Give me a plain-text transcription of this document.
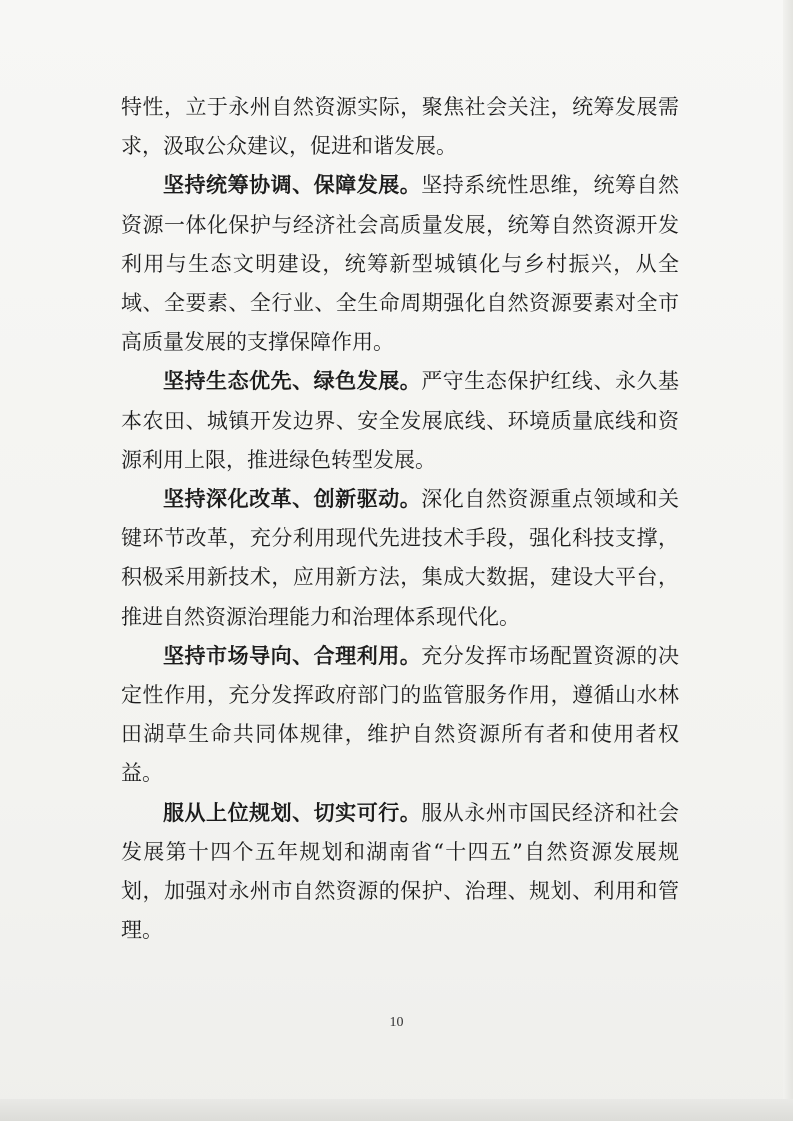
特性，立于永州自然资源实际，聚焦社会关注，统筹发展需求，汲取公众建议，促进和谐发展。

坚持统筹协调、保障发展。坚持系统性思维，统筹自然资源一体化保护与经济社会高质量发展，统筹自然资源开发利用与生态文明建设，统筹新型城镇化与乡村振兴，从全域、全要素、全行业、全生命周期强化自然资源要素对全市高质量发展的支撑保障作用。

坚持生态优先、绿色发展。严守生态保护红线、永久基本农田、城镇开发边界、安全发展底线、环境质量底线和资源利用上限，推进绿色转型发展。

坚持深化改革、创新驱动。深化自然资源重点领域和关键环节改革，充分利用现代先进技术手段，强化科技支撑，积极采用新技术，应用新方法，集成大数据，建设大平台，推进自然资源治理能力和治理体系现代化。

坚持市场导向、合理利用。充分发挥市场配置资源的决定性作用，充分发挥政府部门的监管服务作用，遵循山水林田湖草生命共同体规律，维护自然资源所有者和使用者权益。

服从上位规划、切实可行。服从永州市国民经济和社会发展第十四个五年规划和湖南省“十四五”自然资源发展规划，加强对永州市自然资源的保护、治理、规划、利用和管理。

10
